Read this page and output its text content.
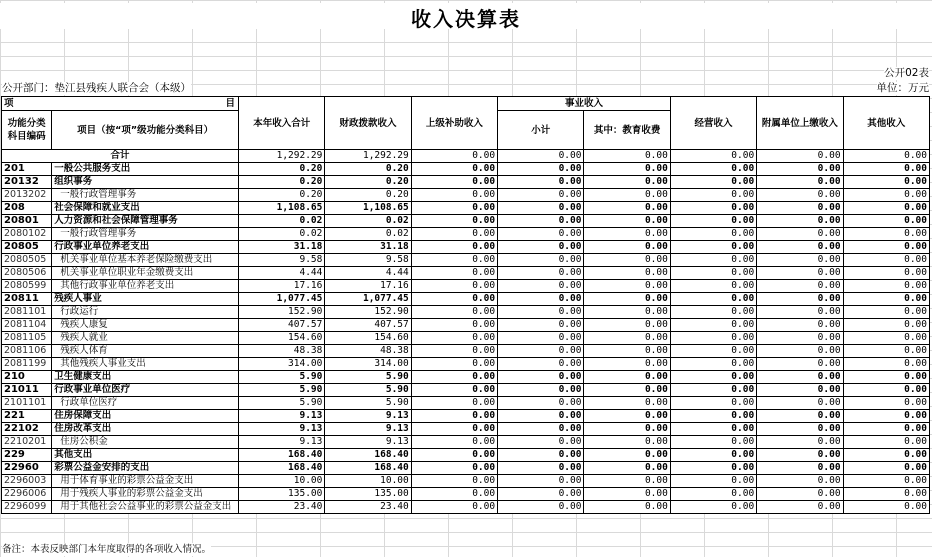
收入决算表
公开02表
公开部门：垫江县残疾人联合会（本级）	单位：万元
项 目		本年收入合计	财政拨款收入	上级补助收入	事业收入		经营收入	附属单位上缴收入	其他收入
功能分类科目编码	项目（按“项”级功能分类科目）				小计	其中：教育收费			

合计		1,292.29	1,292.29	0.00	0.00	0.00	0.00	0.00	0.00
201	一般公共服务支出	0.20	0.20	0.00	0.00	0.00	0.00	0.00	0.00
20132	组织事务	0.20	0.20	0.00	0.00	0.00	0.00	0.00	0.00
2013202	一般行政管理事务	0.20	0.20	0.00	0.00	0.00	0.00	0.00	0.00
208	社会保障和就业支出	1,108.65	1,108.65	0.00	0.00	0.00	0.00	0.00	0.00
20801	人力资源和社会保障管理事务	0.02	0.02	0.00	0.00	0.00	0.00	0.00	0.00
2080102	一般行政管理事务	0.02	0.02	0.00	0.00	0.00	0.00	0.00	0.00
20805	行政事业单位养老支出	31.18	31.18	0.00	0.00	0.00	0.00	0.00	0.00
2080505	机关事业单位基本养老保险缴费支出	9.58	9.58	0.00	0.00	0.00	0.00	0.00	0.00
2080506	机关事业单位职业年金缴费支出	4.44	4.44	0.00	0.00	0.00	0.00	0.00	0.00
2080599	其他行政事业单位养老支出	17.16	17.16	0.00	0.00	0.00	0.00	0.00	0.00
20811	残疾人事业	1,077.45	1,077.45	0.00	0.00	0.00	0.00	0.00	0.00
2081101	行政运行	152.90	152.90	0.00	0.00	0.00	0.00	0.00	0.00
2081104	残疾人康复	407.57	407.57	0.00	0.00	0.00	0.00	0.00	0.00
2081105	残疾人就业	154.60	154.60	0.00	0.00	0.00	0.00	0.00	0.00
2081106	残疾人体育	48.38	48.38	0.00	0.00	0.00	0.00	0.00	0.00
2081199	其他残疾人事业支出	314.00	314.00	0.00	0.00	0.00	0.00	0.00	0.00
210	卫生健康支出	5.90	5.90	0.00	0.00	0.00	0.00	0.00	0.00
21011	行政事业单位医疗	5.90	5.90	0.00	0.00	0.00	0.00	0.00	0.00
2101101	行政单位医疗	5.90	5.90	0.00	0.00	0.00	0.00	0.00	0.00
221	住房保障支出	9.13	9.13	0.00	0.00	0.00	0.00	0.00	0.00
22102	住房改革支出	9.13	9.13	0.00	0.00	0.00	0.00	0.00	0.00
2210201	住房公积金	9.13	9.13	0.00	0.00	0.00	0.00	0.00	0.00
229	其他支出	168.40	168.40	0.00	0.00	0.00	0.00	0.00	0.00
22960	彩票公益金安排的支出	168.40	168.40	0.00	0.00	0.00	0.00	0.00	0.00
2296003	用于体育事业的彩票公益金支出	10.00	10.00	0.00	0.00	0.00	0.00	0.00	0.00
2296006	用于残疾人事业的彩票公益金支出	135.00	135.00	0.00	0.00	0.00	0.00	0.00	0.00
2296099	用于其他社会公益事业的彩票公益金支出	23.40	23.40	0.00	0.00	0.00	0.00	0.00	0.00
备注：本表反映部门本年度取得的各项收入情况。
